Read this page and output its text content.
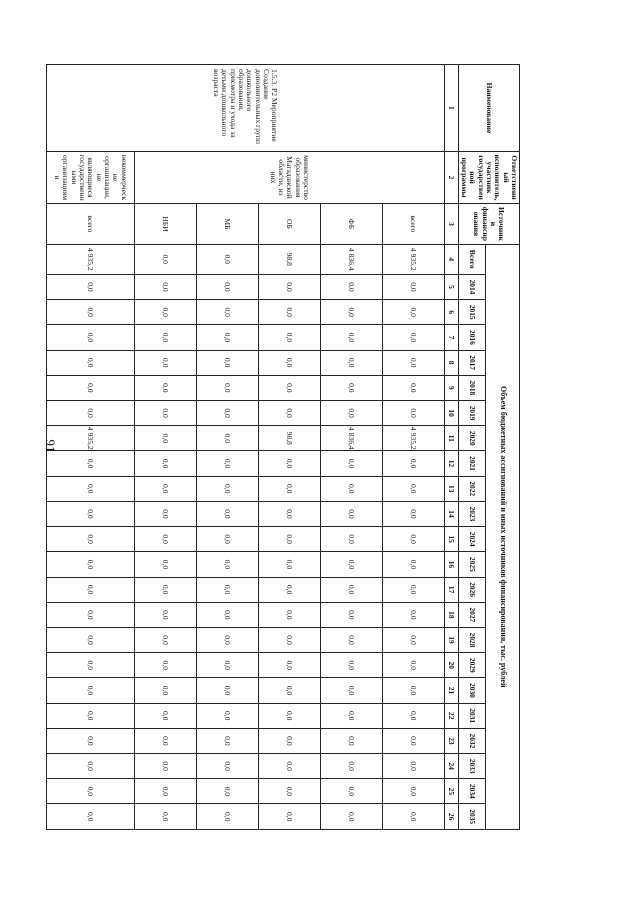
91
Наименование	Ответственный исполнитель, участник государственной программы	Источники финансирования	Объем бюджетных ассигнований и иных источников финансирования, тыс. рублей																						
			Всего	2014	2015	2016	2017	2018	2019	2020	2021	2022	2023	2024	2025	2026	2027	2028	2029	2030	2031	2032	2033	2034	2035
1	2	3	4	5	6	7	8	9	10	11	12	13	14	15	16	17	18	19	20	21	22	23	24	25	26
1.5.3. Р2 Мероприятие Создание дополнительных групп дошкольного образования, присмотра и ухода за детьми дошкольного возраста	министерство образования Магаданской области, из них	всего	4 935,2	0,0	0,0	0,0	0,0	0,0	0,0	4 935,2	0,0	0,0	0,0	0,0	0,0	0,0	0,0	0,0	0,0	0,0	0,0	0,0	0,0	0,0	0,0
		ФБ	4 836,4	0,0	0,0	0,0	0,0	0,0	0,0	4 836,4	0,0	0,0	0,0	0,0	0,0	0,0	0,0	0,0	0,0	0,0	0,0	0,0	0,0	0,0	0,0
		ОБ	98,8	0,0	0,0	0,0	0,0	0,0	0,0	98,8	0,0	0,0	0,0	0,0	0,0	0,0	0,0	0,0	0,0	0,0	0,0	0,0	0,0	0,0	0,0
		МБ	0,0	0,0	0,0	0,0	0,0	0,0	0,0	0,0	0,0	0,0	0,0	0,0	0,0	0,0	0,0	0,0	0,0	0,0	0,0	0,0	0,0	0,0	0,0
		НБИ	0,0	0,0	0,0	0,0	0,0	0,0	0,0	0,0	0,0	0,0	0,0	0,0	0,0	0,0	0,0	0,0	0,0	0,0	0,0	0,0	0,0	0,0	0,0
	некоммерческие организации, не являющиеся государственными организациями	всего	4 935,2	0,0	0,0	0,0	0,0	0,0	0,0	4 935,2	0,0	0,0	0,0	0,0	0,0	0,0	0,0	0,0	0,0	0,0	0,0	0,0	0,0	0,0	0,0
